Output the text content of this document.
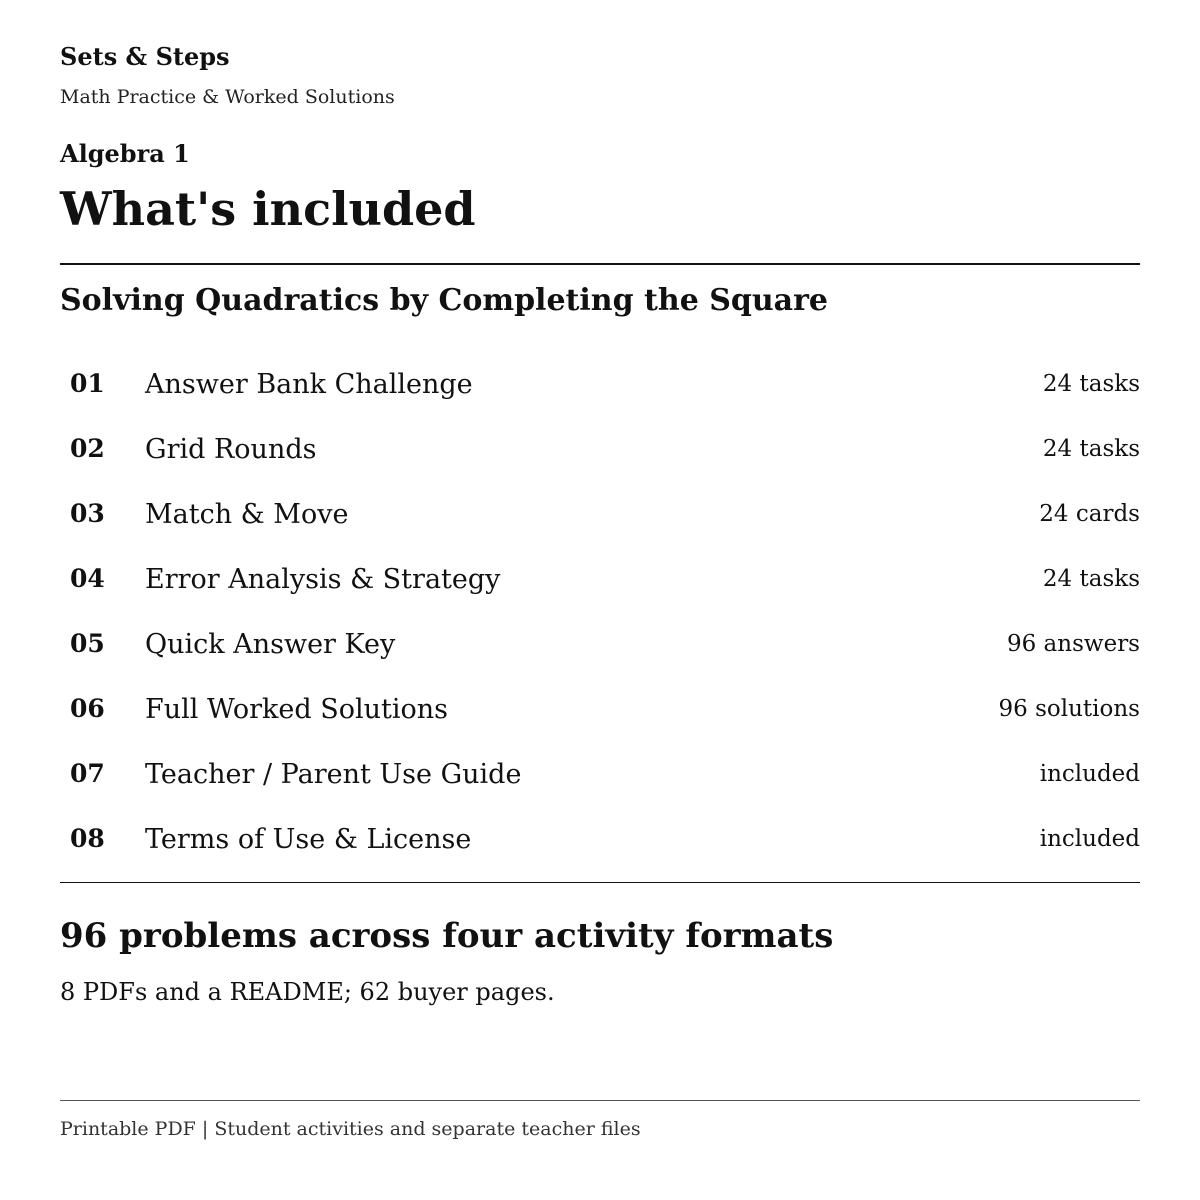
Sets & Steps
Math Practice & Worked Solutions
Algebra 1
What's included
Solving Quadratics by Completing the Square
01 Answer Bank Challenge	24 tasks
02 Grid Rounds	24 tasks
03 Match & Move	24 cards
04 Error Analysis & Strategy	24 tasks
05 Quick Answer Key	96 answers
06 Full Worked Solutions	96 solutions
07 Teacher / Parent Use Guide	included
08 Terms of Use & License	included
96 problems across four activity formats

8 PDFs and a README; 62 buyer pages.

Printable PDF | Student activities and separate teacher files
